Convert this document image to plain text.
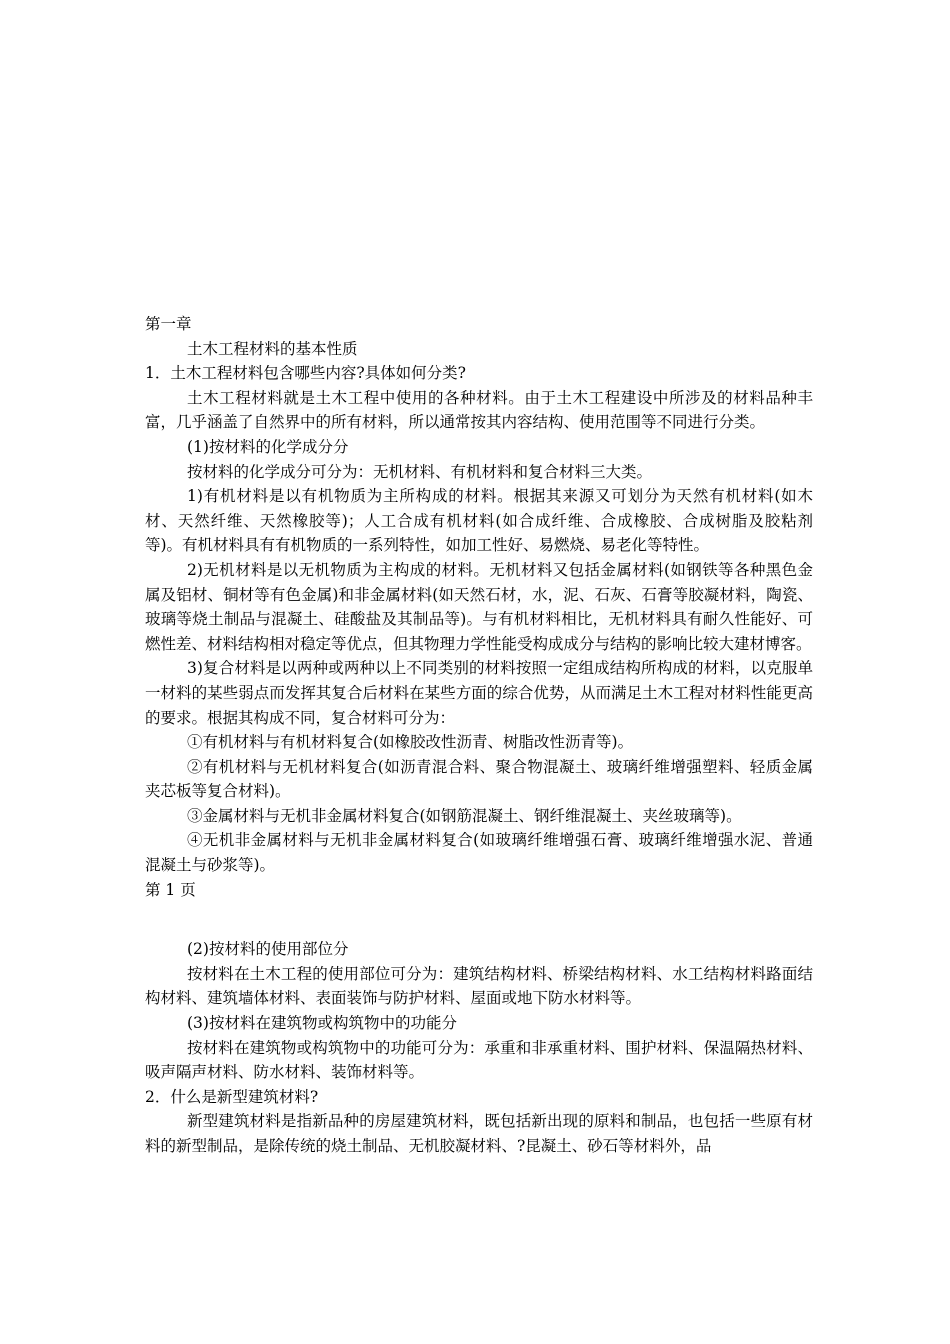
第一章

土木工程材料的基本性质

1．土木工程材料包含哪些内容?具体如何分类?

土木工程材料就是土木工程中使用的各种材料。由于土木工程建设中所涉及的材料品种丰富，几乎涵盖了自然界中的所有材料，所以通常按其内容结构、使用范围等不同进行分类。

(1)按材料的化学成分分

按材料的化学成分可分为：无机材料、有机材料和复合材料三大类。

1)有机材料是以有机物质为主所构成的材料。根据其来源又可划分为天然有机材料(如木材、天然纤维、天然橡胶等)；人工合成有机材料(如合成纤维、合成橡胶、合成树脂及胶粘剂等)。有机材料具有有机物质的一系列特性，如加工性好、易燃烧、易老化等特性。

2)无机材料是以无机物质为主构成的材料。无机材料又包括金属材料(如钢铁等各种黑色金属及铝材、铜材等有色金属)和非金属材料(如天然石材，水，泥、石灰、石膏等胶凝材料，陶瓷、玻璃等烧土制品与混凝土、硅酸盐及其制品等)。与有机材料相比，无机材料具有耐久性能好、可燃性差、材料结构相对稳定等优点，但其物理力学性能受构成成分与结构的影响比较大建材博客。

3)复合材料是以两种或两种以上不同类别的材料按照一定组成结构所构成的材料，以克服单一材料的某些弱点而发挥其复合后材料在某些方面的综合优势，从而满足土木工程对材料性能更高的要求。根据其构成不同，复合材料可分为：

①有机材料与有机材料复合(如橡胶改性沥青、树脂改性沥青等)。

②有机材料与无机材料复合(如沥青混合料、聚合物混凝土、玻璃纤维增强塑料、轻质金属夹芯板等复合材料)。

③金属材料与无机非金属材料复合(如钢筋混凝土、钢纤维混凝土、夹丝玻璃等)。

④无机非金属材料与无机非金属材料复合(如玻璃纤维增强石膏、玻璃纤维增强水泥、普通混凝土与砂浆等)。

第 1 页

(2)按材料的使用部位分

按材料在土木工程的使用部位可分为：建筑结构材料、桥梁结构材料、水工结构材料路面结构材料、建筑墙体材料、表面装饰与防护材料、屋面或地下防水材料等。

(3)按材料在建筑物或构筑物中的功能分

按材料在建筑物或构筑物中的功能可分为：承重和非承重材料、围护材料、保温隔热材料、吸声隔声材料、防水材料、装饰材料等。

2．什么是新型建筑材料?

新型建筑材料是指新品种的房屋建筑材料，既包括新出现的原料和制品，也包括一些原有材料的新型制品，是除传统的烧土制品、无机胶凝材料、?昆凝土、砂石等材料外，品
